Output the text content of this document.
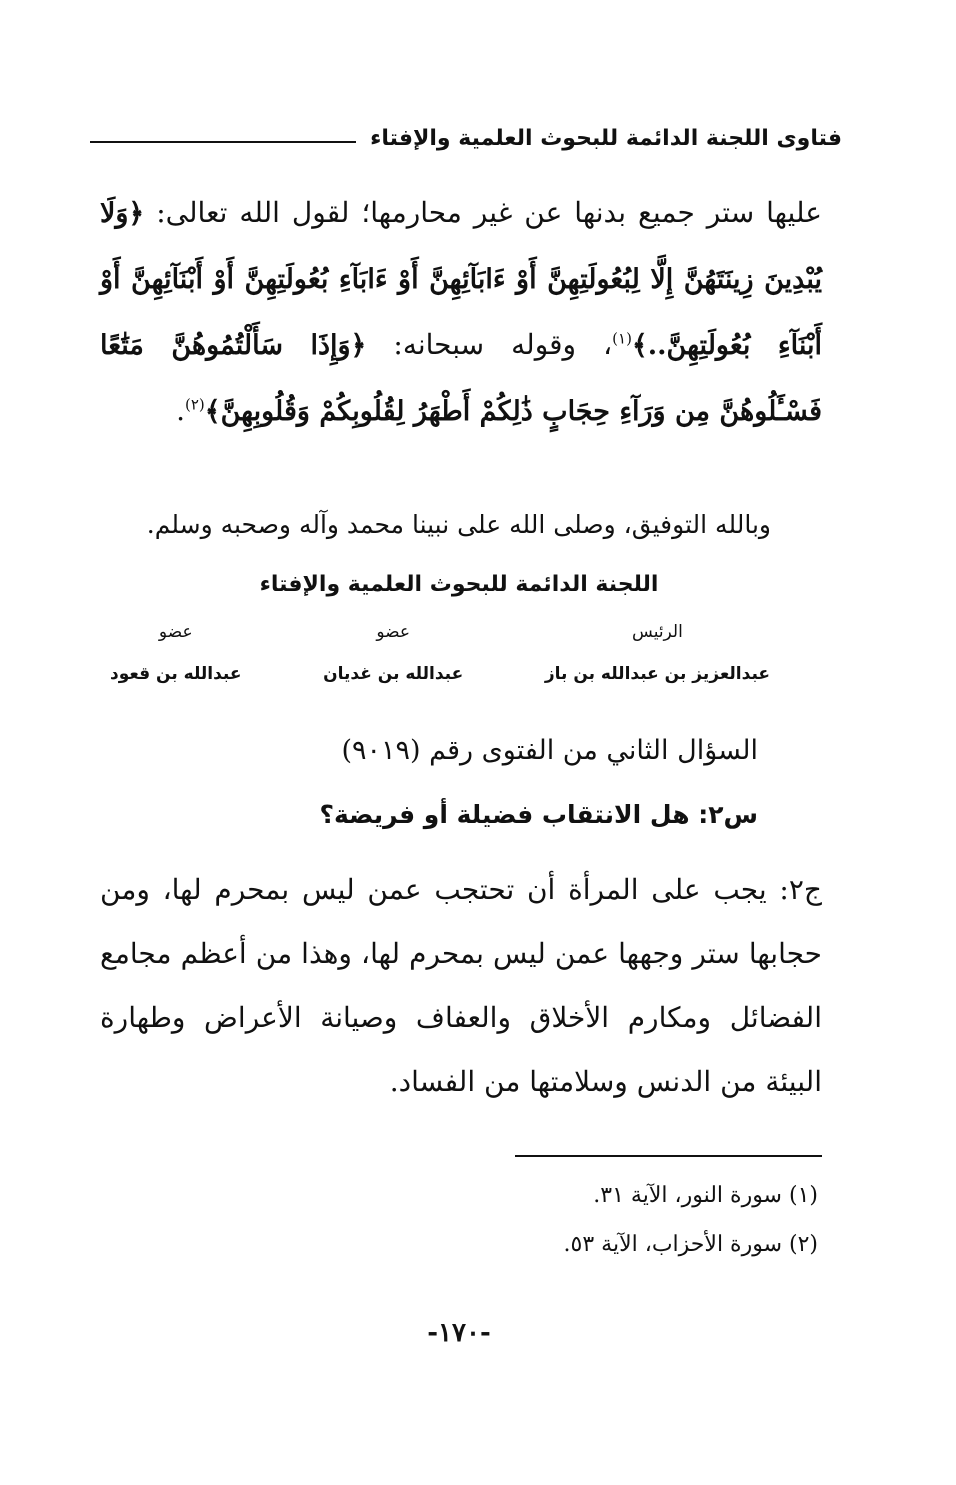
فتاوى اللجنة الدائمة للبحوث العلمية والإفتاء
عليها ستر جميع بدنها عن غير محارمها؛ لقول الله تعالى: ﴿وَلَا يُبْدِينَ زِينَتَهُنَّ إِلَّا لِبُعُولَتِهِنَّ أَوْ ءَابَآئِهِنَّ أَوْ ءَابَآءِ بُعُولَتِهِنَّ أَوْ أَبْنَآئِهِنَّ أَوْ أَبْنَآءِ بُعُولَتِهِنَّ..﴾$^{(١)}$، وقوله سبحانه: ﴿وَإِذَا سَأَلْتُمُوهُنَّ مَتَٰعًا فَسْـَٔلُوهُنَّ مِن وَرَآءِ حِجَابٍ ذَٰلِكُمْ أَطْهَرُ لِقُلُوبِكُمْ وَقُلُوبِهِنَّ﴾$^{(٢)}$.
وبالله التوفيق، وصلى الله على نبينا محمد وآله وصحبه وسلم.
اللجنة الدائمة للبحوث العلمية والإفتاء
الرئيس
عبدالعزيز بن عبدالله بن باز
عضو
عبدالله بن غديان
عضو
عبدالله بن قعود
السؤال الثاني من الفتوى رقم (٩٠١٩)
س٢: هل الانتقاب فضيلة أو فريضة؟
ج٢: يجب على المرأة أن تحتجب عمن ليس بمحرم لها، ومن حجابها ستر وجهها عمن ليس بمحرم لها، وهذا من أعظم مجامع الفضائل ومكارم الأخلاق والعفاف وصيانة الأعراض وطهارة البيئة من الدنس وسلامتها من الفساد.
(١) سورة النور، الآية ٣١.
(٢) سورة الأحزاب، الآية ٥٣.
-١٧٠-
